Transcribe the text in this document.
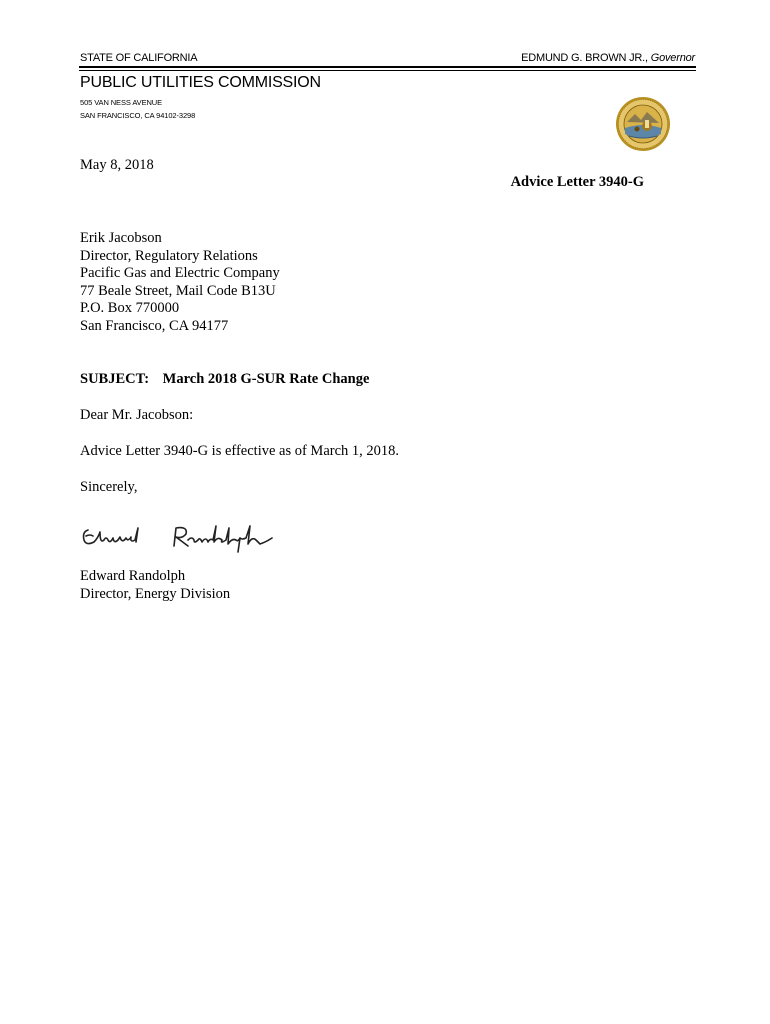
STATE OF CALIFORNIA	EDMUND G. BROWN JR., Governor
PUBLIC UTILITIES COMMISSION
505 VAN NESS AVENUE
SAN FRANCISCO, CA 94102-3298
May 8, 2018
Advice Letter 3940-G
Erik Jacobson
Director, Regulatory Relations
Pacific Gas and Electric Company
77 Beale Street, Mail Code B13U
P.O. Box 770000
San Francisco, CA 94177
SUBJECT: March 2018 G-SUR Rate Change
Dear Mr. Jacobson:
Advice Letter 3940-G is effective as of March 1, 2018.
Sincerely,
Edward Randolph
Director, Energy Division
